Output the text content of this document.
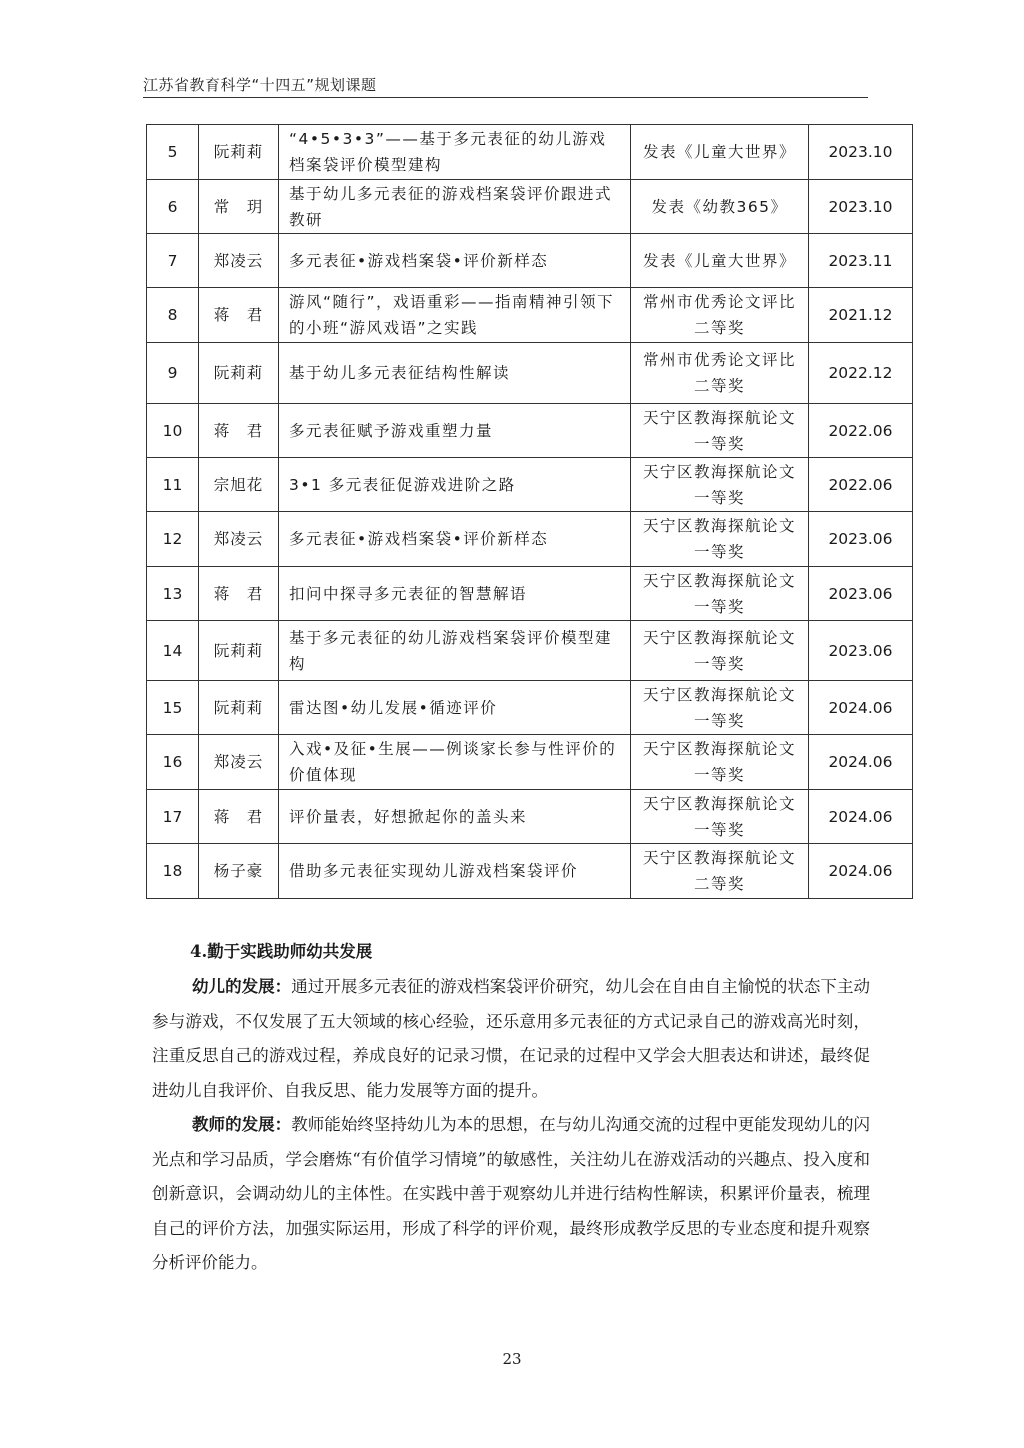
江苏省教育科学“十四五”规划课题
5	阮莉莉	“4•5•3•3”——基于多元表征的幼儿游戏档案袋评价模型建构	发表《儿童大世界》	2023.10
6	常　玥	基于幼儿多元表征的游戏档案袋评价跟进式教研	发表《幼教365》	2023.10
7	郑凌云	多元表征•游戏档案袋•评价新样态	发表《儿童大世界》	2023.11
8	蒋　君	游风“随行”，戏语重彩——指南精神引领下的小班“游风戏语”之实践	常州市优秀论文评比二等奖	2021.12
9	阮莉莉	基于幼儿多元表征结构性解读	常州市优秀论文评比二等奖	2022.12
10	蒋　君	多元表征赋予游戏重塑力量	天宁区教海探航论文一等奖	2022.06
11	宗旭花	3•1 多元表征促游戏进阶之路	天宁区教海探航论文一等奖	2022.06
12	郑凌云	多元表征•游戏档案袋•评价新样态	天宁区教海探航论文一等奖	2023.06
13	蒋　君	扣问中探寻多元表征的智慧解语	天宁区教海探航论文一等奖	2023.06
14	阮莉莉	基于多元表征的幼儿游戏档案袋评价模型建构	天宁区教海探航论文一等奖	2023.06
15	阮莉莉	雷达图•幼儿发展•循迹评价	天宁区教海探航论文一等奖	2024.06
16	郑凌云	入戏•及征•生展——例谈家长参与性评价的价值体现	天宁区教海探航论文一等奖	2024.06
17	蒋　君	评价量表，好想掀起你的盖头来	天宁区教海探航论文一等奖	2024.06
18	杨子豪	借助多元表征实现幼儿游戏档案袋评价	天宁区教海探航论文二等奖	2024.06
4.勤于实践助师幼共发展
幼儿的发展：通过开展多元表征的游戏档案袋评价研究，幼儿会在自由自主愉悦的状态下主动参与游戏，不仅发展了五大领域的核心经验，还乐意用多元表征的方式记录自己的游戏高光时刻，注重反思自己的游戏过程，养成良好的记录习惯，在记录的过程中又学会大胆表达和讲述，最终促进幼儿自我评价、自我反思、能力发展等方面的提升。
教师的发展：教师能始终坚持幼儿为本的思想，在与幼儿沟通交流的过程中更能发现幼儿的闪光点和学习品质，学会磨炼“有价值学习情境”的敏感性，关注幼儿在游戏活动的兴趣点、投入度和创新意识，会调动幼儿的主体性。在实践中善于观察幼儿并进行结构性解读，积累评价量表，梳理自己的评价方法，加强实际运用，形成了科学的评价观，最终形成教学反思的专业态度和提升观察分析评价能力。
23
